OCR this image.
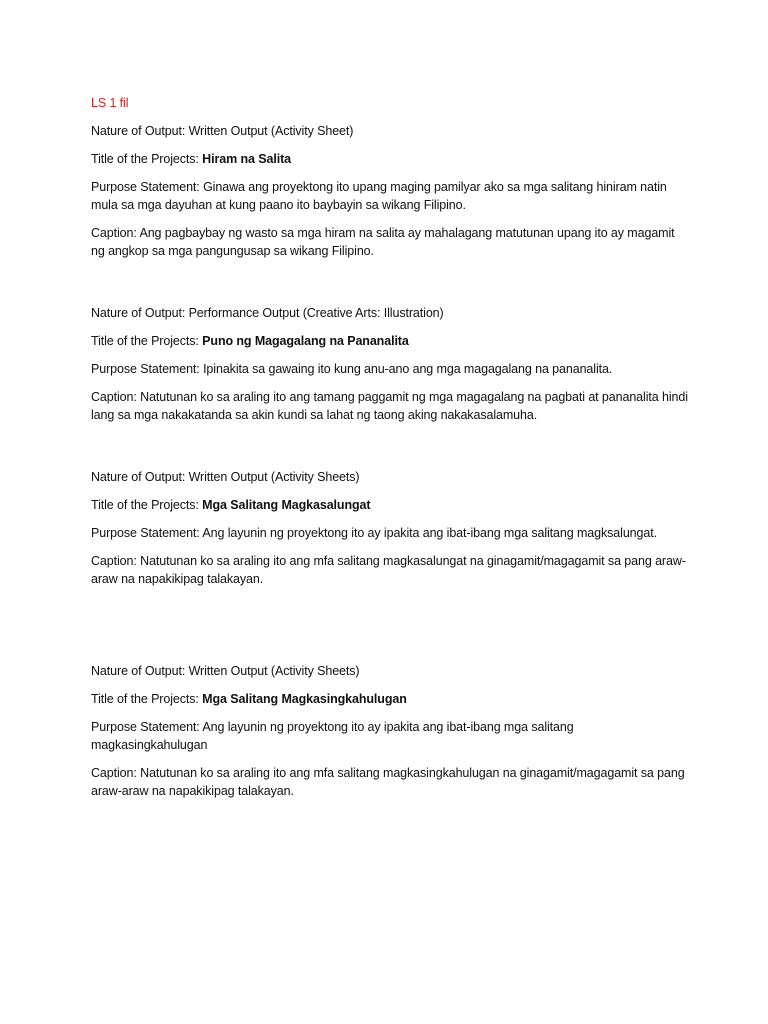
LS 1 fil
Nature of Output: Written Output (Activity Sheet)
Title of the Projects: Hiram na Salita
Purpose Statement: Ginawa ang proyektong ito upang maging pamilyar ako sa mga salitang hiniram natin mula sa mga dayuhan at kung paano ito baybayin sa wikang Filipino.
Caption: Ang pagbaybay ng wasto sa mga hiram na salita ay mahalagang matutunan upang ito ay magamit ng angkop sa mga pangungusap sa wikang Filipino.
Nature of Output: Performance Output (Creative Arts: Illustration)
Title of the Projects: Puno ng Magagalang na Pananalita
Purpose Statement: Ipinakita sa gawaing ito kung anu-ano ang mga magagalang na pananalita.
Caption: Natutunan ko sa araling ito ang tamang paggamit ng mga magagalang na pagbati at pananalita hindi lang sa mga nakakatanda sa akin kundi sa lahat ng taong aking nakakasalamuha.
Nature of Output: Written Output (Activity Sheets)
Title of the Projects: Mga Salitang Magkasalungat
Purpose Statement: Ang layunin ng proyektong ito ay ipakita ang ibat-ibang mga salitang magksalungat.
Caption: Natutunan ko sa araling ito ang mfa salitang magkasalungat na ginagamit/magagamit sa pang araw-araw na napakikipag talakayan.
Nature of Output: Written Output (Activity Sheets)
Title of the Projects: Mga Salitang Magkasingkahulugan
Purpose Statement: Ang layunin ng proyektong ito ay ipakita ang ibat-ibang mga salitang magkasingkahulugan
Caption: Natutunan ko sa araling ito ang mfa salitang magkasingkahulugan na ginagamit/magagamit sa pang araw-araw na napakikipag talakayan.
